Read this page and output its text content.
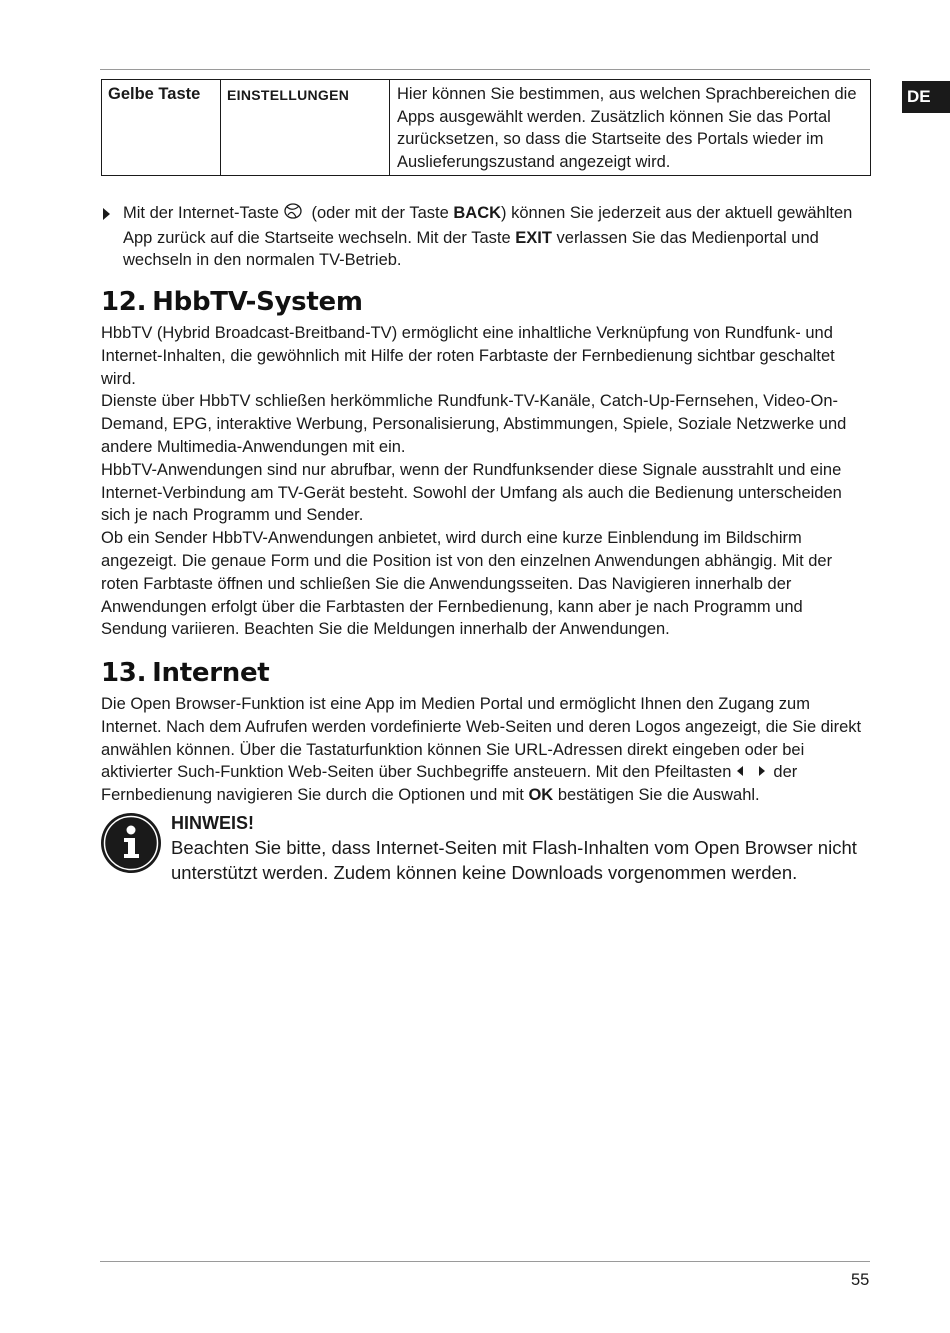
DE
Gelbe Taste	EINSTELLUNGEN	Hier können Sie bestimmen, aus welchen Sprachbereichen die Apps ausgewählt werden. Zusätzlich können Sie das Portal zurücksetzen, so dass die Startseite des Portals wieder im Auslieferungszustand angezeigt wird.
Mit der Internet-Taste (oder mit der Taste BACK) können Sie jederzeit aus der aktuell gewählten App zurück auf die Startseite wechseln. Mit der Taste EXIT verlassen Sie das Medienportal und wechseln in den normalen TV-Betrieb.
12. HbbTV-System

HbbTV (Hybrid Broadcast-Breitband-TV) ermöglicht eine inhaltliche Verknüpfung von Rundfunk- und Internet-Inhalten, die gewöhnlich mit Hilfe der roten Farbtaste der Fernbedienung sichtbar geschaltet wird.

Dienste über HbbTV schließen herkömmliche Rundfunk-TV-Kanäle, Catch-Up-Fernsehen, Video-On-Demand, EPG, interaktive Werbung, Personalisierung, Abstimmungen, Spiele, Soziale Netzwerke und andere Multimedia-Anwendungen mit ein.

HbbTV-Anwendungen sind nur abrufbar, wenn der Rundfunksender diese Signale ausstrahlt und eine Internet-Verbindung am TV-Gerät besteht. Sowohl der Umfang als auch die Bedienung unterscheiden sich je nach Programm und Sender.

Ob ein Sender HbbTV-Anwendungen anbietet, wird durch eine kurze Einblendung im Bildschirm angezeigt. Die genaue Form und die Position ist von den einzelnen Anwendungen abhängig. Mit der roten Farbtaste öffnen und schließen Sie die Anwendungsseiten. Das Navigieren innerhalb der Anwendungen erfolgt über die Farbtasten der Fernbedienung, kann aber je nach Programm und Sendung variieren. Beachten Sie die Meldungen innerhalb der Anwendungen.

13. Internet
Die Open Browser-Funktion ist eine App im Medien Portal und ermöglicht Ihnen den Zugang zum Internet. Nach dem Aufrufen werden vordefinierte Web-Seiten und deren Logos angezeigt, die Sie direkt anwählen können. Über die Tastaturfunktion können Sie URL-Adressen direkt eingeben oder bei aktivierter Such-Funktion Web-Seiten über Suchbegriffe ansteuern. Mit den Pfeiltasten	der Fernbedienung navigieren Sie durch die Optionen und mit OK bestätigen Sie die Auswahl.
HINWEIS!
Beachten Sie bitte, dass Internet-Seiten mit Flash-Inhalten vom Open Browser nicht unterstützt werden. Zudem können keine Downloads vorgenommen werden.
55
